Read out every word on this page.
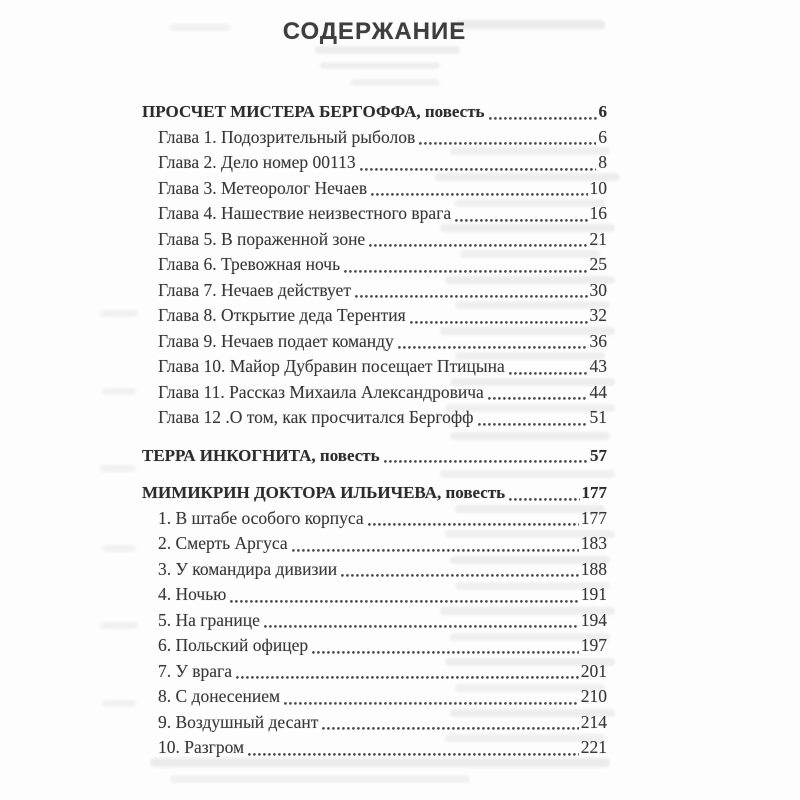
СОДЕРЖАНИЕ
ПРОСЧЕТ МИСТЕРА БЕРГОФФА, повесть	6
Глава 1. Подозрительный рыболов	6
Глава 2. Дело номер 00113	8
Глава 3. Метеоролог Нечаев	10
Глава 4. Нашествие неизвестного врага	16
Глава 5. В пораженной зоне	21
Глава 6. Тревожная ночь	25
Глава 7. Нечаев действует	30
Глава 8. Открытие деда Терентия	32
Глава 9. Нечаев подает команду	36
Глава 10. Майор Дубравин посещает Птицына	43
Глава 11. Рассказ Михаила Александровича	44
Глава 12 .О том, как просчитался Бергофф	51
ТЕРРА ИНКОГНИТА, повесть	57
МИМИКРИН ДОКТОРА ИЛЬИЧЕВА, повесть	177
1. В штабе особого корпуса	177
2. Смерть Аргуса	183
3. У командира дивизии	188
4. Ночью	191
5. На границе	194
6. Польский офицер	197
7. У врага	201
8. С донесением	210
9. Воздушный десант	214
10. Разгром	221
